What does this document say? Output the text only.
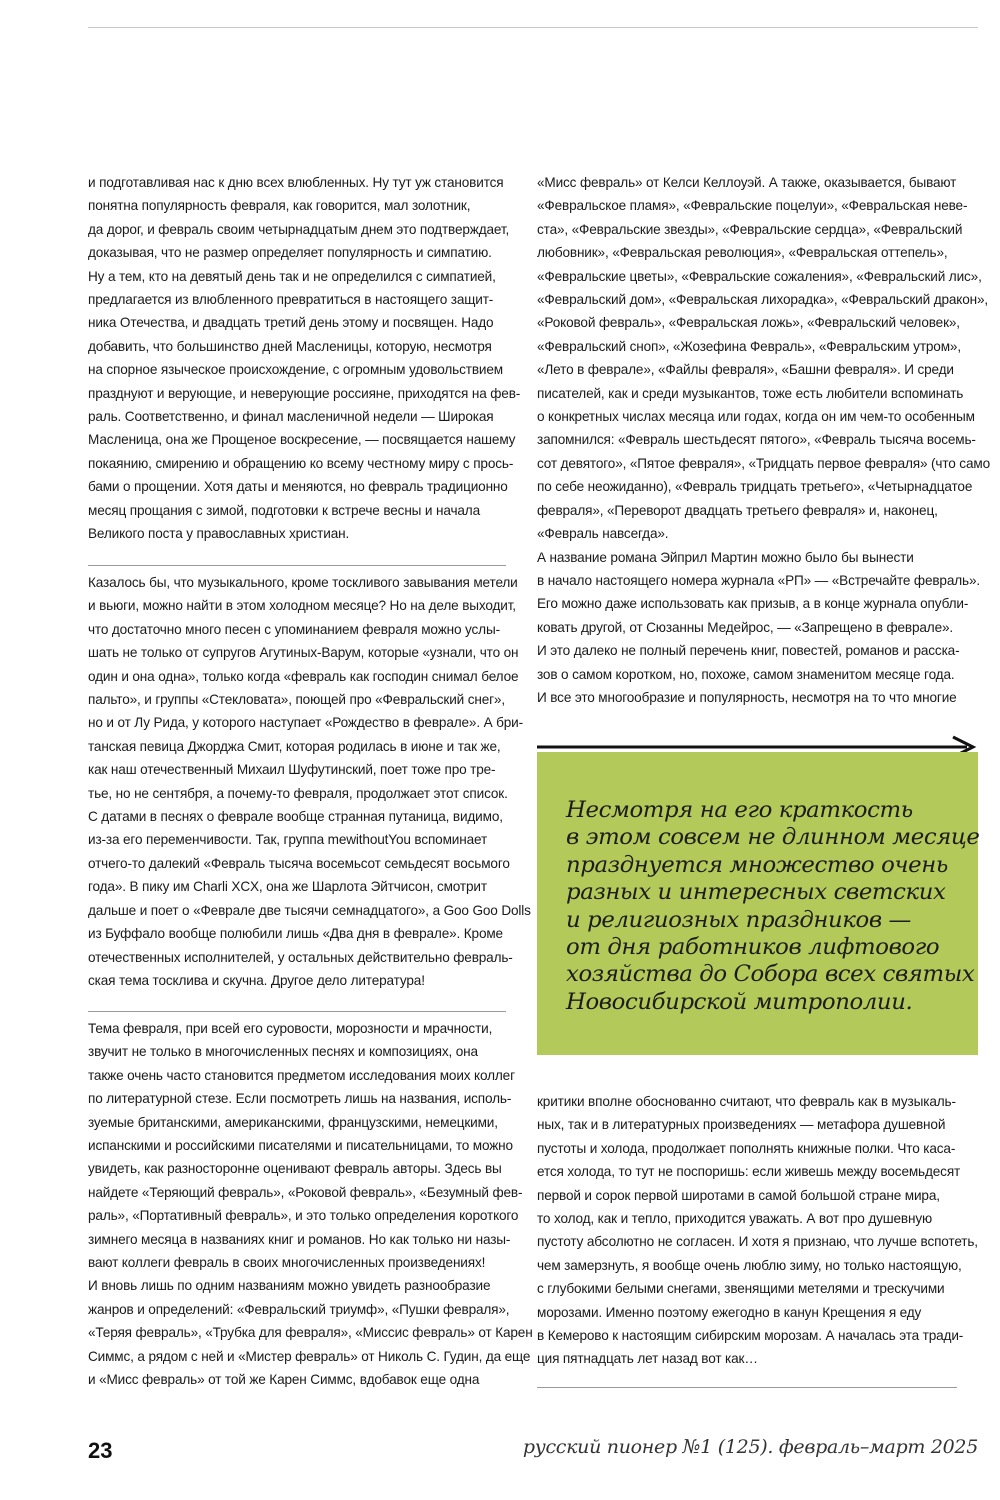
и подготавливая нас к дню всех влюбленных. Ну тут уж становится
понятна популярность февраля, как говорится, мал золотник,
да дорог, и февраль своим четырнадцатым днем это подтверждает,
доказывая, что не размер определяет популярность и симпатию.
Ну а тем, кто на девятый день так и не определился с симпатией,
предлагается из влюбленного превратиться в настоящего защит-
ника Отечества, и двадцать третий день этому и посвящен. Надо
добавить, что большинство дней Масленицы, которую, несмотря
на спорное языческое происхождение, с огромным удовольствием
празднуют и верующие, и неверующие россияне, приходятся на фев-
раль. Соответственно, и финал масленичной недели — Широкая
Масленица, она же Прощеное воскресение, — посвящается нашему
покаянию, смирению и обращению ко всему честному миру с прось-
бами о прощении. Хотя даты и меняются, но февраль традиционно
месяц прощания с зимой, подготовки к встрече весны и начала
Великого поста у православных христиан.
Казалось бы, что музыкального, кроме тоскливого завывания метели
и вьюги, можно найти в этом холодном месяце? Но на деле выходит,
что достаточно много песен с упоминанием февраля можно услы-
шать не только от супругов Агутиных-Варум, которые «узнали, что он
один и она одна», только когда «февраль как господин снимал белое
пальто», и группы «Стекловата», поющей про «Февральский снег»,
но и от Лу Рида, у которого наступает «Рождество в феврале». А бри-
танская певица Джорджа Смит, которая родилась в июне и так же,
как наш отечественный Михаил Шуфутинский, поет тоже про тре-
тье, но не сентября, а почему-то февраля, продолжает этот список.
С датами в песнях о феврале вообще странная путаница, видимо,
из-за его переменчивости. Так, группа mewithoutYou вспоминает
отчего-то далекий «Февраль тысяча восемьсот семьдесят восьмого
года». В пику им Charli XCX, она же Шарлота Эйтчисон, смотрит
дальше и поет о «Феврале две тысячи семнадцатого», а Goo Goo Dolls
из Буффало вообще полюбили лишь «Два дня в феврале». Кроме
отечественных исполнителей, у остальных действительно февраль-
ская тема тосклива и скучна. Другое дело литература!
Тема февраля, при всей его суровости, морозности и мрачности,
звучит не только в многочисленных песнях и композициях, она
также очень часто становится предметом исследования моих коллег
по литературной стезе. Если посмотреть лишь на названия, исполь-
зуемые британскими, американскими, французскими, немецкими,
испанскими и российскими писателями и писательницами, то можно
увидеть, как разносторонне оценивают февраль авторы. Здесь вы
найдете «Теряющий февраль», «Роковой февраль», «Безумный фев-
раль», «Портативный февраль», и это только определения короткого
зимнего месяца в названиях книг и романов. Но как только ни назы-
вают коллеги февраль в своих многочисленных произведениях!
И вновь лишь по одним названиям можно увидеть разнообразие
жанров и определений: «Февральский триумф», «Пушки февраля»,
«Теряя февраль», «Трубка для февраля», «Миссис февраль» от Карен
Симмс, а рядом с ней и «Мистер февраль» от Николь С. Гудин, да еще
и «Мисс февраль» от той же Карен Симмс, вдобавок еще одна
«Мисс февраль» от Келси Келлоуэй. А также, оказывается, бывают
«Февральское пламя», «Февральские поцелуи», «Февральская неве-
ста», «Февральские звезды», «Февральские сердца», «Февральский
любовник», «Февральская революция», «Февральская оттепель»,
«Февральские цветы», «Февральские сожаления», «Февральский лис»,
«Февральский дом», «Февральская лихорадка», «Февральский дракон»,
«Роковой февраль», «Февральская ложь», «Февральский человек»,
«Февральский сноп», «Жозефина Февраль», «Февральским утром»,
«Лето в феврале», «Файлы февраля», «Башни февраля». И среди
писателей, как и среди музыкантов, тоже есть любители вспоминать
о конкретных числах месяца или годах, когда он им чем-то особенным
запомнился: «Февраль шестьдесят пятого», «Февраль тысяча восемь-
сот девятого», «Пятое февраля», «Тридцать первое февраля» (что само
по себе неожиданно), «Февраль тридцать третьего», «Четырнадцатое
февраля», «Переворот двадцать третьего февраля» и, наконец,
«Февраль навсегда».
А название романа Эйприл Мартин можно было бы вынести
в начало настоящего номера журнала «РП» — «Встречайте февраль».
Его можно даже использовать как призыв, а в конце журнала опубли-
ковать другой, от Сюзанны Медейрос, — «Запрещено в феврале».
И это далеко не полный перечень книг, повестей, романов и расска-
зов о самом коротком, но, похоже, самом знаменитом месяце года.
И все это многообразие и популярность, несмотря на то что многие
Несмотря на его краткость
в этом совсем не длинном месяце
празднуется множество очень
разных и интересных светских
и религиозных праздников —
от дня работников лифтового
хозяйства до Собора всех святых
Новосибирской митрополии.
критики вполне обоснованно считают, что февраль как в музыкаль-
ных, так и в литературных произведениях — метафора душевной
пустоты и холода, продолжает пополнять книжные полки. Что каса-
ется холода, то тут не поспоришь: если живешь между восемьдесят
первой и сорок первой широтами в самой большой стране мира,
то холод, как и тепло, приходится уважать. А вот про душевную
пустоту абсолютно не согласен. И хотя я признаю, что лучше вспотеть,
чем замерзнуть, я вообще очень люблю зиму, но только настоящую,
с глубокими белыми снегами, звенящими метелями и трескучими
морозами. Именно поэтому ежегодно в канун Крещения я еду
в Кемерово к настоящим сибирским морозам. А началась эта тради-
ция пятнадцать лет назад вот как…
23	русский пионер №1 (125). февраль–март 2025
